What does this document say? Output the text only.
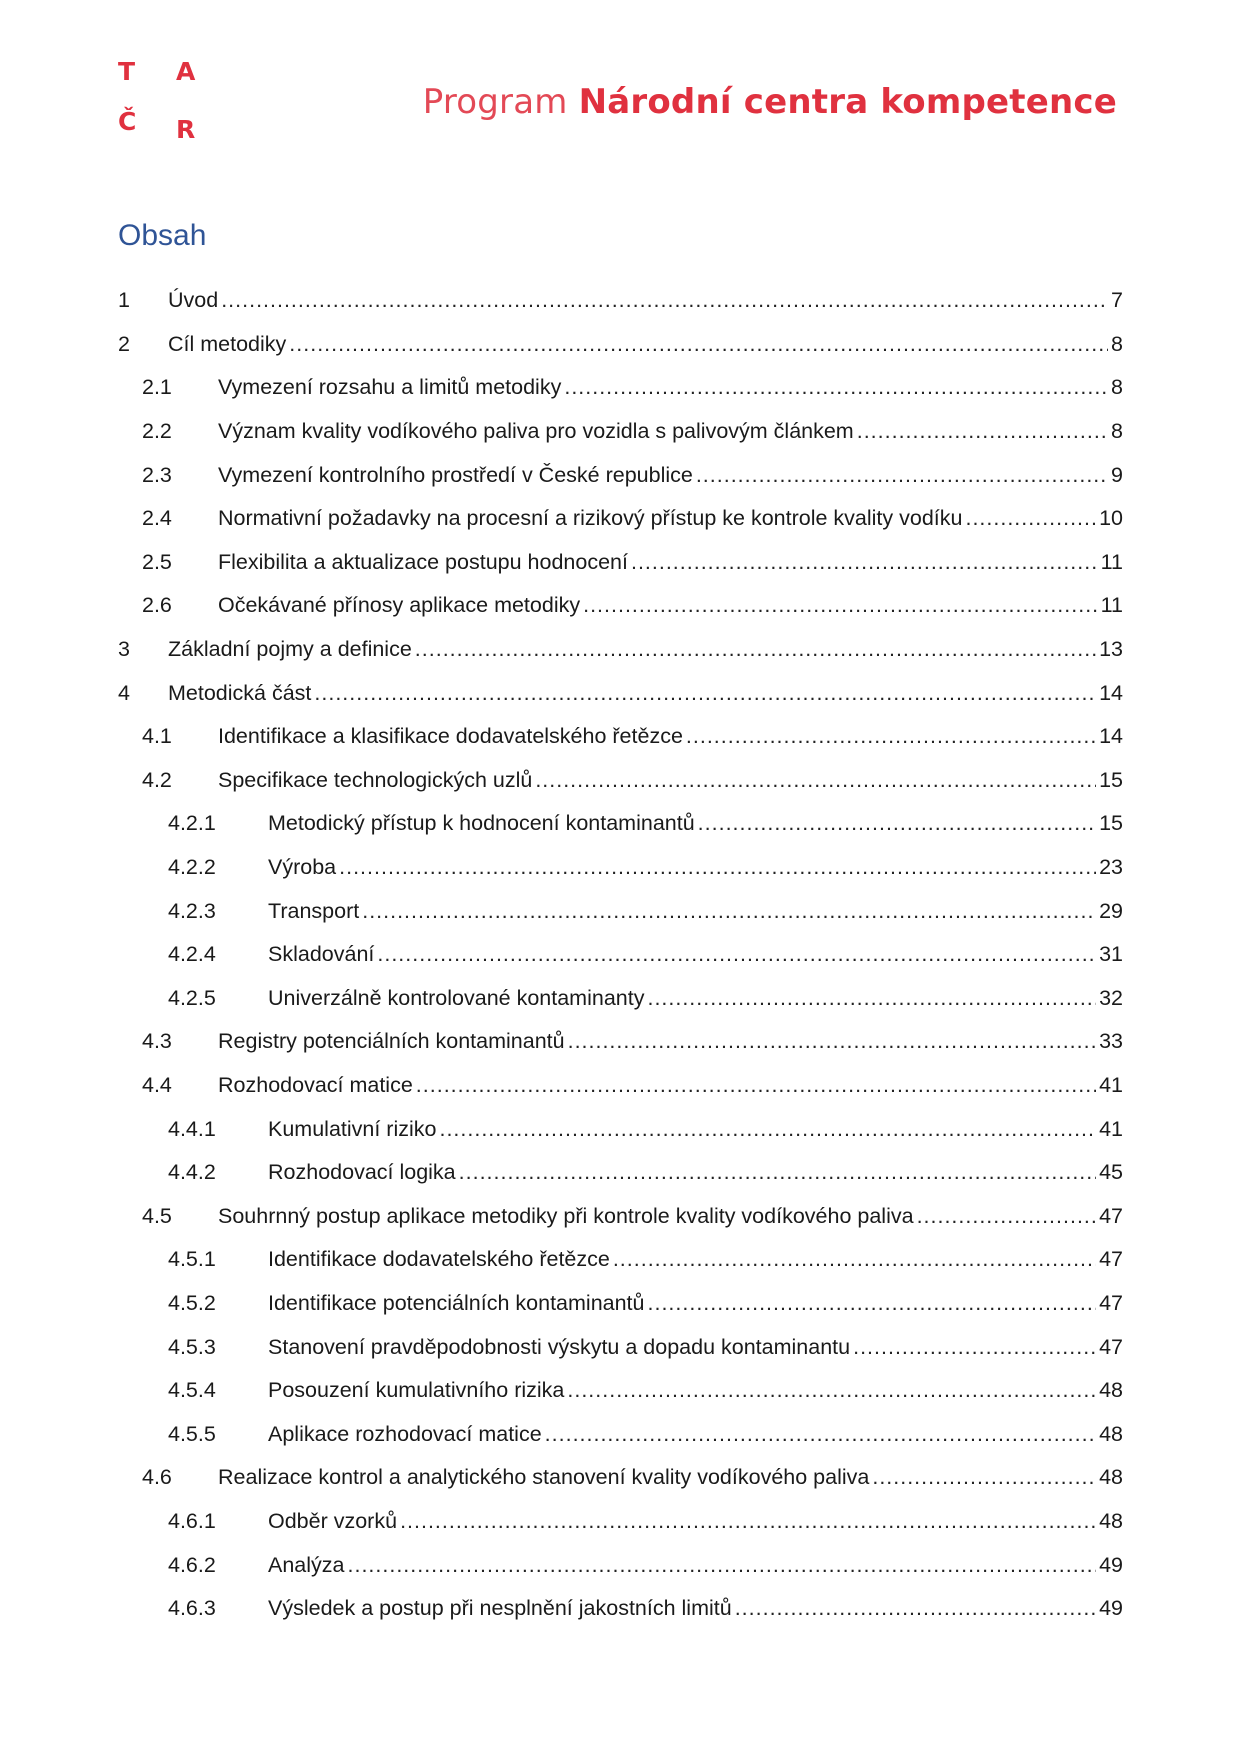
T A
Č R
Program Národní centra kompetence
Obsah
1	Úvod .....	7
2	Cíl metodiky .....	8
2.1	Vymezení rozsahu a limitů metodiky .....	8
2.2	Význam kvality vodíkového paliva pro vozidla s palivovým článkem .....	8
2.3	Vymezení kontrolního prostředí v České republice .....	9
2.4	Normativní požadavky na procesní a rizikový přístup ke kontrole kvality vodíku .....	10
2.5	Flexibilita a aktualizace postupu hodnocení .....	11
2.6	Očekávané přínosy aplikace metodiky .....	11
3	Základní pojmy a definice .....	13
4	Metodická část .....	14
4.1	Identifikace a klasifikace dodavatelského řetězce .....	14
4.2	Specifikace technologických uzlů .....	15
4.2.1	Metodický přístup k hodnocení kontaminantů .....	15
4.2.2	Výroba .....	23
4.2.3	Transport .....	29
4.2.4	Skladování .....	31
4.2.5	Univerzálně kontrolované kontaminanty .....	32
4.3	Registry potenciálních kontaminantů .....	33
4.4	Rozhodovací matice .....	41
4.4.1	Kumulativní riziko .....	41
4.4.2	Rozhodovací logika .....	45
4.5	Souhrnný postup aplikace metodiky při kontrole kvality vodíkového paliva .....	47
4.5.1	Identifikace dodavatelského řetězce .....	47
4.5.2	Identifikace potenciálních kontaminantů .....	47
4.5.3	Stanovení pravděpodobnosti výskytu a dopadu kontaminantu .....	47
4.5.4	Posouzení kumulativního rizika .....	48
4.5.5	Aplikace rozhodovací matice .....	48
4.6	Realizace kontrol a analytického stanovení kvality vodíkového paliva .....	48
4.6.1	Odběr vzorků .....	48
4.6.2	Analýza .....	49
4.6.3	Výsledek a postup při nesplnění jakostních limitů .....	49
